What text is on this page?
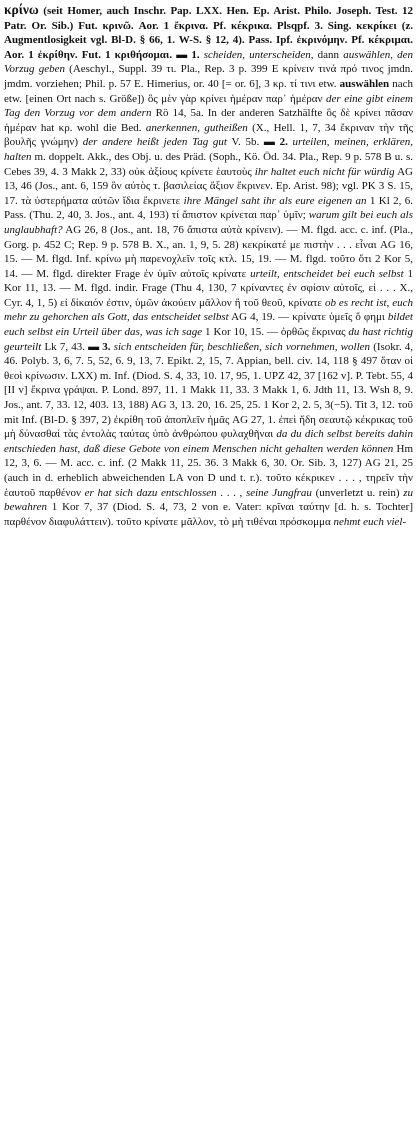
κρίνω (seit Homer, auch Inschr. Pap. LXX. Hen. Ep. Arist. Philo. Joseph. Test. 12 Patr. Or. Sib.) Fut. κρινῶ. Aor. 1 ἔκρινα. Pf. κέκρικα. Plsqpf. 3. Sing. κεκρίκει (z. Augmentlosigkeit vgl. Bl-D. § 66, 1. W-S. § 12, 4). Pass. Ipf. ἐκρινόμην. Pf. κέκριμαι. Aor. 1 ἐκρίθην. Fut. 1 κριθήσομαι. ▬ 1. scheiden, unterscheiden, dann auswählen, den Vorzug geben (Aeschyl., Suppl. 39 τι. Pla., Rep. 3 p. 399 E κρίνειν τινά πρό τινος jmdn. jmdm. vorziehen; Phil. p. 57 E. Himerius, or. 40 [= or. 6], 3 κρ. τί τινι etw. auswählen nach etw. [einen Ort nach s. Größe]) ὃς μὲν γὰρ κρίνει ἡμέραν παρ᾽ ἡμέραν der eine gibt einem Tag den Vorzug vor dem andern Rö 14, 5a. In der anderen Satzhälfte ὃς δὲ κρίνει πᾶσαν ἡμέραν hat κρ. wohl die Bed. anerkennen, gutheißen (X., Hell. 1, 7, 34 ἔκριναν τὴν τῆς βουλῆς γνώμην) der andere heißt jeden Tag gut V. 5b. ▬ 2. urteilen, meinen, erklären, halten m. doppelt. Akk., des Obj. u. des Präd. (Soph., Kö. Öd. 34. Pla., Rep. 9 p. 578 B u. s. Cebes 39, 4. 3 Makk 2, 33) οὐκ ἀξίους κρίνετε ἑαυτοὺς ihr haltet euch nicht für würdig AG 13, 46 (Jos., ant. 6, 159 ὃν αὐτὸς τ. βασιλείας ἄξιον ἔκρινεν. Ep. Arist. 98); vgl. PK 3 S. 15, 17. τὰ ὑστερήματα αὐτῶν ἴδια ἔκρινετε ihre Mängel saht ihr als eure eigenen an 1 Kl 2, 6. Pass. (Thu. 2, 40, 3. Jos., ant. 4, 193) τί ἄπιστον κρίνεται παρ᾽ ὑμῖν; warum gilt bei euch als unglaubhaft? AG 26, 8 (Jos., ant. 18, 76 ἄπιστα αὐτὰ κρίνειν). — M. flgd. acc. c. inf. (Pla., Gorg. p. 452 C; Rep. 9 p. 578 B. X., an. 1, 9, 5. 28) κεκρίκατέ με πιστὴν . . . εἶναι AG 16, 15. — M. flgd. Inf. κρίνω μὴ παρενοχλεῖν τοῖς κτλ. 15, 19. — M. flgd. τοῦτο ὅτι 2 Kor 5, 14. — M. flgd. direkter Frage ἐν ὑμῖν αὐτοῖς κρίνατε urteilt, entscheidet bei euch selbst 1 Kor 11, 13. — M. flgd. indir. Frage (Thu 4, 130, 7 κρίναντες ἐν σφίσιν αὐτοῖς, εἰ . . . X., Cyr. 4, 1, 5) εἰ δίκαιόν ἐστιν, ὑμῶν ἀκούειν μᾶλλον ἢ τοῦ θεοῦ, κρίνατε ob es recht ist, euch mehr zu gehorchen als Gott, das entscheidet selbst AG 4, 19. — κρίνατε ὑμεῖς ὅ φημι bildet euch selbst ein Urteil über das, was ich sage 1 Kor 10, 15. — ὀρθῶς ἔκρινας du hast richtig geurteilt Lk 7, 43. ▬ 3. sich entscheiden für, beschließen, sich vornehmen, wollen (Isokr. 4, 46. Polyb. 3, 6, 7. 5, 52, 6. 9, 13, 7. Epikt. 2, 15, 7. Appian, bell. civ. 14, 118 § 497 ὅταν οἱ θεοὶ κρίνωσιν. LXX) m. Inf. (Diod. S. 4, 33, 10. 17, 95, 1. UPZ 42, 37 [162 v]. P. Tebt. 55, 4 [II v] ἔκρινα γράψαι. P. Lond. 897, 11. 1 Makk 11, 33. 3 Makk 1, 6. Jdth 11, 13. Wsh 8, 9. Jos., ant. 7, 33. 12, 403. 13, 188) AG 3, 13. 20, 16. 25, 25. 1 Kor 2, 2. 5, 3(−5). Tit 3, 12. τοῦ mit Inf. (Bl-D. § 397, 2) ἐκρίθη τοῦ ἀποπλεῖν ἡμᾶς AG 27, 1. ἐπεὶ ἤδη σεαυτῷ κέκρικας τοῦ μὴ δύνασθαί τὰς ἐντολὰς ταύτας ὑπὸ ἀνθρώπου φυλαχθῆναι da du dich selbst bereits dahin entschieden hast, daß diese Gebote von einem Menschen nicht gehalten werden können Hm 12, 3, 6. — M. acc. c. inf. (2 Makk 11, 25. 36. 3 Makk 6, 30. Or. Sib. 3, 127) AG 21, 25 (auch in d. erheblich abweichenden LA von D und t. r.). τοῦτο κέκρικεν . . . , τηρεῖν τὴν ἑαυτοῦ παρθένον er hat sich dazu entschlossen . . . , seine Jungfrau (unverletzt u. rein) zu bewahren 1 Kor 7, 37 (Diod. S. 4, 73, 2 von e. Vater: κρῖναι ταύτην [d. h. s. Tochter] παρθένον διαφυλάττειν). τοῦτο κρίνατε μᾶλλον, τὸ μὴ τιθέναι πρόσκομμα nehmt euch viel-
